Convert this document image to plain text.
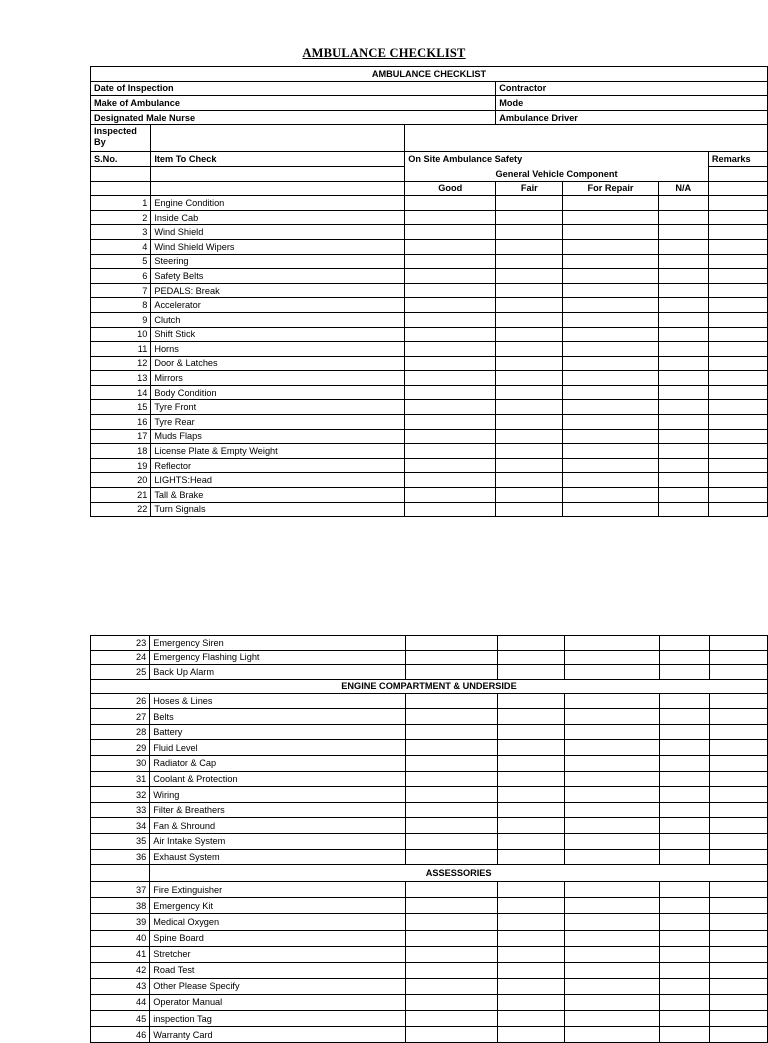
AMBULANCE CHECKLIST
AMBULANCE CHECKLIST						
Date of Inspection			Contractor			
Make of Ambulance			Mode			
Designated Male Nurse			Ambulance Driver			
Inspected By						
S.No.	Item To Check	On Site Ambulance Safety				Remarks
		General Vehicle Component				
		Good	Fair	For Repair	N/A	
1	Engine Condition					
2	Inside Cab					
3	Wind Shield					
4	Wind Shield Wipers					
5	Steering					
6	Safety Belts					
7	PEDALS: Break					
8	Accelerator					
9	Clutch					
10	Shift Stick					
11	Horns					
12	Door & Latches					
13	Mirrors					
14	Body Condition					
15	Tyre Front					
16	Tyre Rear					
17	Muds Flaps					
18	License Plate & Empty Weight					
19	Reflector					
20	LIGHTS:Head					
21	Tall & Brake					
22	Turn Signals					
23	Emergency Siren					
24	Emergency Flashing Light					
25	Back Up Alarm					
ENGINE COMPARTMENT & UNDERSIDE						
26	Hoses & Lines					
27	Belts					
28	Battery					
29	Fluid Level					
30	Radiator & Cap					
31	Coolant & Protection					
32	Wiring					
33	Filter & Breathers					
34	Fan & Shround					
35	Air Intake System					
36	Exhaust System					
	ASSESSORIES					
37	Fire Extinguisher					
38	Emergency Kit					
39	Medical Oxygen					
40	Spine Board					
41	Stretcher					
42	Road Test					
43	Other Please Specify					
44	Operator Manual					
45	inspection Tag					
46	Warranty Card					
